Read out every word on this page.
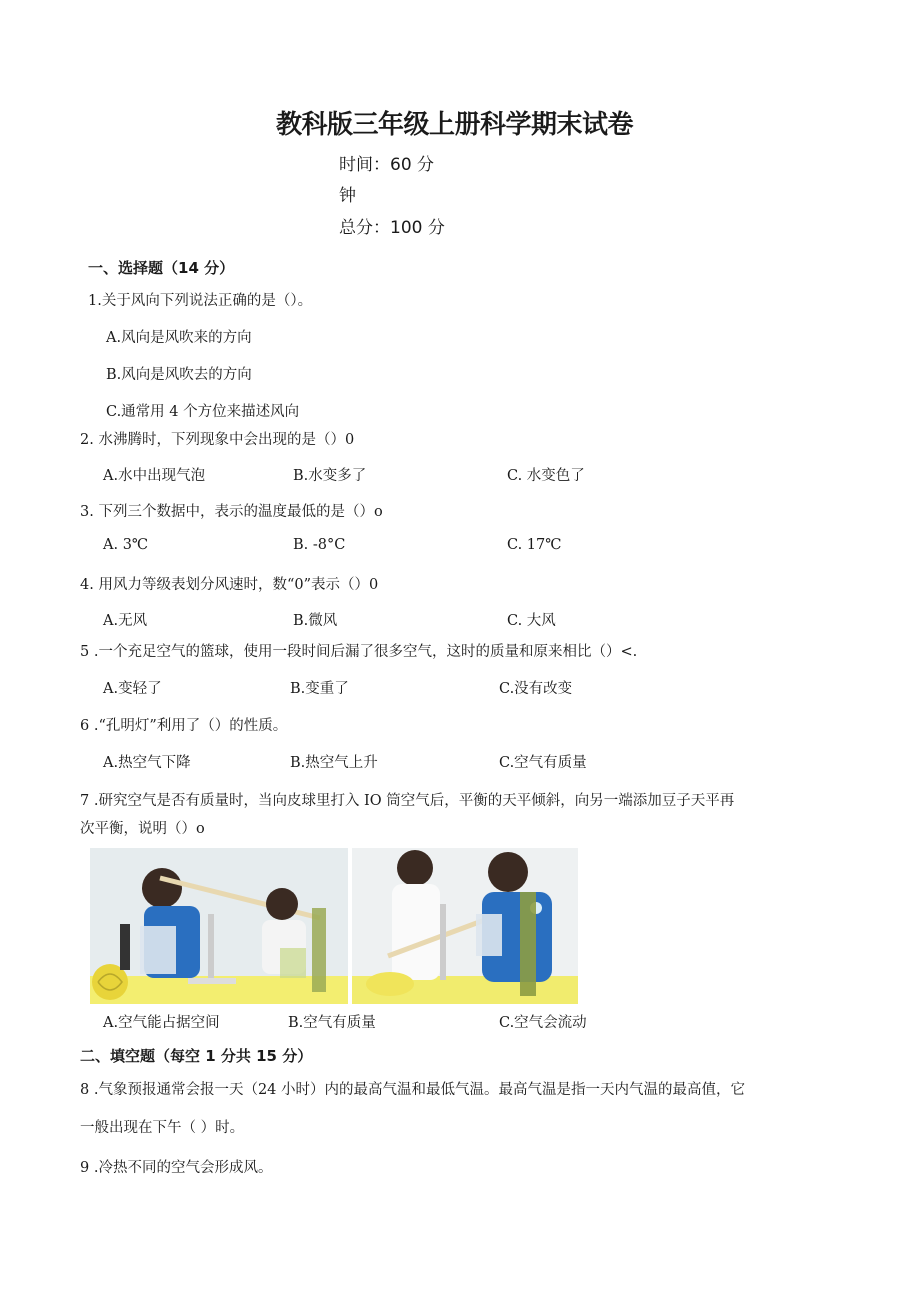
教科版三年级上册科学期末试卷
时间：60 分
钟
总分：100 分
一、选择题（14 分）
1.关于风向下列说法正确的是（）。
A.风向是风吹来的方向
B.风向是风吹去的方向
C.通常用 4 个方位来描述风向
2. 水沸腾时，下列现象中会出现的是（）0
A.水中出现气泡	B.水变多了	C. 水变色了
3. 下列三个数据中，表示的温度最低的是（）o
A. 3℃	B. -8°C	C. 17℃
4. 用风力等级表划分风速时，数“0”表示（）0
A.无风	B.微风	C. 大风
5 .一个充足空气的篮球，使用一段时间后漏了很多空气，这时的质量和原来相比（）<.
A.变轻了	B.变重了	C.没有改变
6 .“孔明灯”利用了（）的性质。
A.热空气下降	B.热空气上升	C.空气有质量
7 .研究空气是否有质量时，当向皮球里打入 IO 筒空气后，平衡的天平倾斜，向另一端添加豆子天平再
次平衡，说明（）o
A.空气能占据空间	B.空气有质量	C.空气会流动
二、填空题（每空 1 分共 15 分）
8 .气象预报通常会报一天（24 小时）内的最高气温和最低气温。最高气温是指一天内气温的最高值，它
一般出现在下午（ ）时。
9 .冷热不同的空气会形成风。
